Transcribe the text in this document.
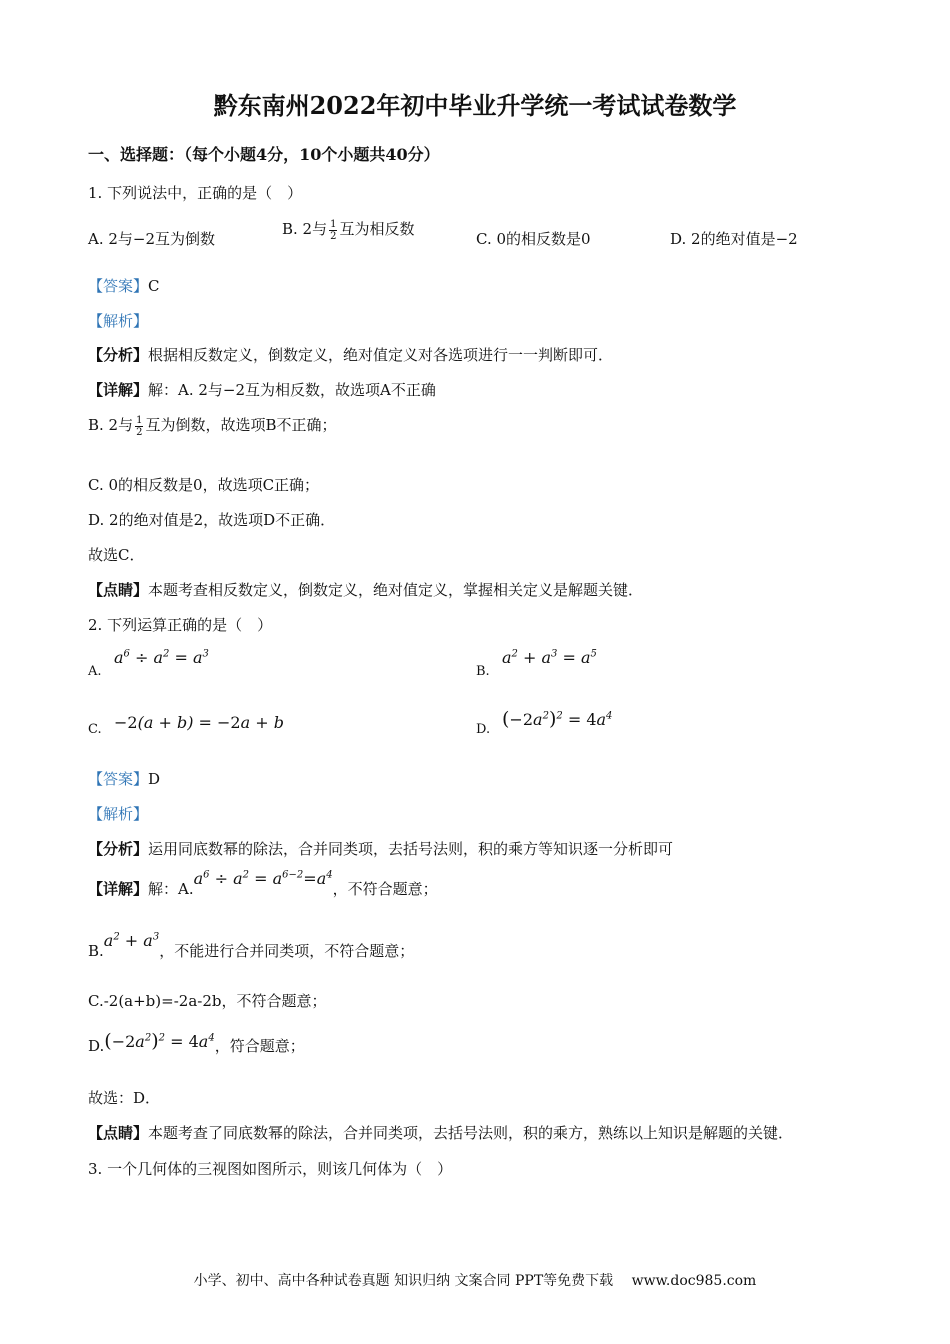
黔东南州2022年初中毕业升学统一考试试卷数学
一、选择题：（每个小题4分，10个小题共40分）
1. 下列说法中，正确的是（　）
A. 2与−2互为倒数
B. 2与 $\frac{1}{2}$ 互为相反数
C. 0的相反数是0	D. 2的绝对值是−2
【答案】C
【解析】
【分析】根据相反数定义，倒数定义，绝对值定义对各选项进行一一判断即可．
【详解】解：A. 2与−2互为相反数，故选项A不正确
B. 2与 $\frac{1}{2}$ 互为倒数，故选项B不正确；
C. 0的相反数是0，故选项C正确；
D. 2的绝对值是2，故选项D不正确．
故选C．
【点睛】本题考查相反数定义，倒数定义，绝对值定义，掌握相关定义是解题关键．
2. 下列运算正确的是（　）
A.
$a^6 \div a^2 = a^3$
B.
$a^2 + a^3 = a^5$
C. −2(a + b) = −2a + b	D. $(-2a^2)^2 = 4a^4$
【答案】D
【解析】
【分析】运用同底数幂的除法，合并同类项，去括号法则，积的乘方等知识逐一分析即可
【详解】解：$A.a^6 \div a^2 = a^{6-2}=a^4$，不符合题意；
$B.a^2 + a^3$，不能进行合并同类项，不符合题意；
C.-2(a+b)=-2a-2b，不符合题意；
$D.(-2a^2)^2 = 4a^4$，符合题意；
故选：D．
【点睛】本题考查了同底数幂的除法，合并同类项，去括号法则，积的乘方，熟练以上知识是解题的关键．
3. 一个几何体的三视图如图所示，则该几何体为（　）
小学、初中、高中各种试卷真题 知识归纳 文案合同 PPT等免费下载　 www.doc985.com
